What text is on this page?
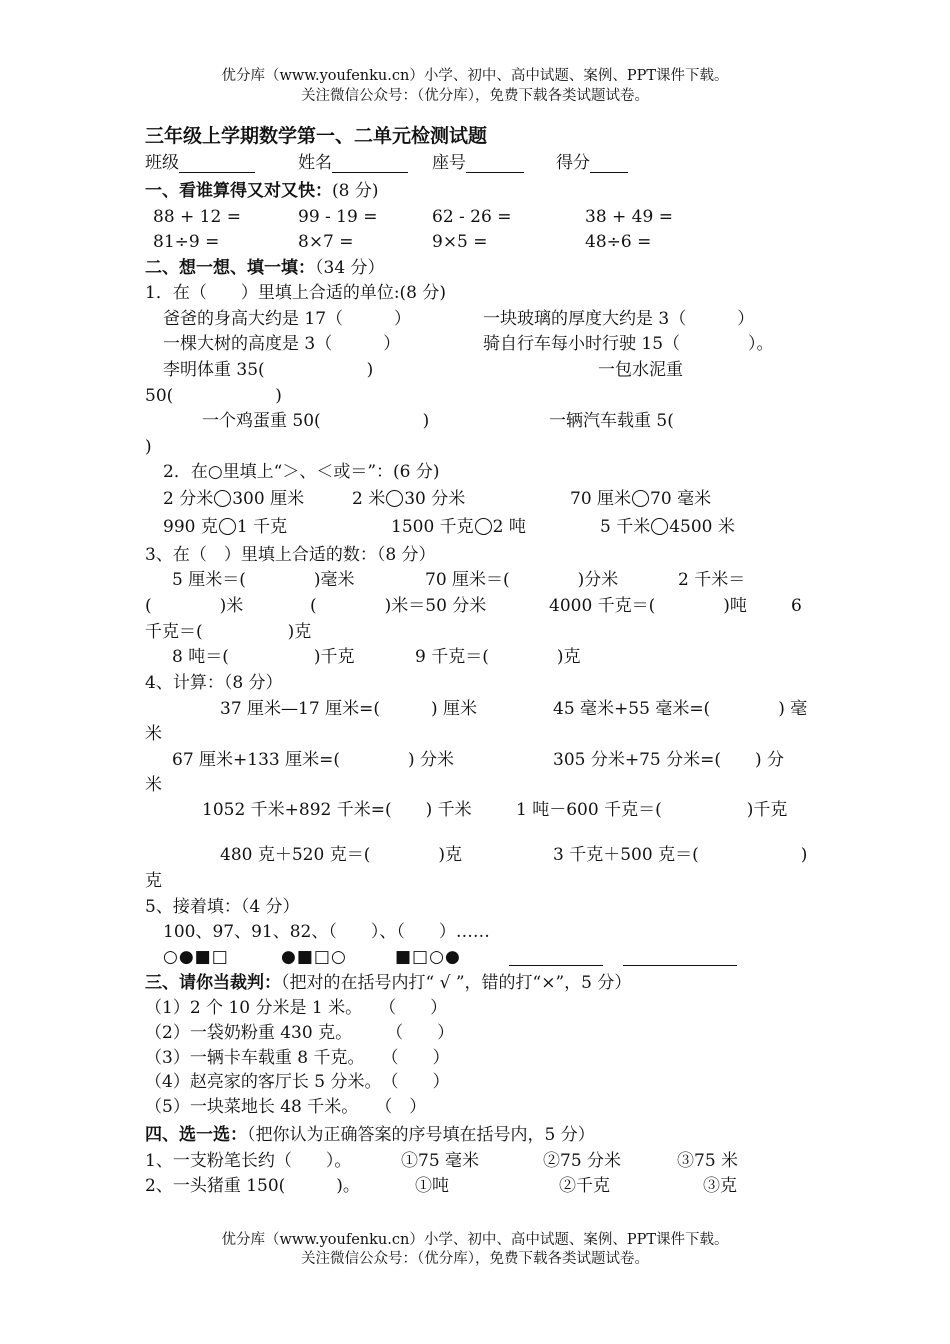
优分库（www.youfenku.cn）小学、初中、高中试题、案例、PPT课件下载。
关注微信公众号：（优分库），免费下载各类试题试卷。
三年级上学期数学第一、二单元检测试题
班级	姓名	座号	得分
一、看谁算得又对又快：(8 分)
88 + 12 =	99 - 19 =	62 - 26 =	38 + 49 =
81÷9 =	8×7 =	9×5 =	48÷6 =
二、想一想、填一填：（34 分）
1．在（　　）里填上合适的单位:(8 分)
爸爸的身高大约是 17（　　　）	一块玻璃的厚度大约是 3（　　　）
一棵大树的高度是 3（　　　）	骑自行车每小时行驶 15（　　　　）。
李明体重 35(　　　　　　)	一包水泥重
50(　　　　　　)
一个鸡蛋重 50(　　　　　　)	一辆汽车载重 5(
)
2．在○里填上“＞、＜或＝”：(6 分)
2 分米 300 厘米	2 米 30 分米	70 厘米 70 毫米
990 克 1 千克	1500 千克 2 吨	5 千米 4500 米
3、在（　）里填上合适的数：（8 分）
5 厘米＝(　　　　)毫米	70 厘米＝(　　　　)分米	2 千米＝
(　　　　)米	(　　　　)米＝50 分米	4000 千克＝(　　　　)吨	6
千克＝(　　　　　)克
8 吨＝(　　　　　)千克	9 千克＝(　　　　)克
4、计算：（8 分）
37 厘米—17 厘米=(　　　) 厘米	45 毫米+55 毫米=(　　　　) 毫
米
67 厘米+133 厘米=(　　　　) 分米	305 分米+75 分米=(　　) 分
米
1052 千米+892 千米=(　　) 千米	1 吨－600 千克＝(　　　　　)千克
480 克＋520 克＝(　　　　)克	3 千克＋500 克＝(　　　　　　)
克
5、接着填：（4 分）
100、97、91、82、（　　）、（　　）……
○●■□	●■□○	■□○●
三、请你当裁判：（把对的在括号内打“ √ ”，错的打“×”，5 分）
（1）2 个 10 分米是 1 米。　　（　　）
（2）一袋奶粉重 430 克。　　　（　　）
（3）一辆卡车载重 8 千克。　　（　　）
（4）赵亮家的客厅长 5 分米。　（　　）
（5）一块菜地长 48 千米。　　（　）
四、选一选：（把你认为正确答案的序号填在括号内，5 分）
1、一支粉笔长约（　　）。	①75 毫米	②75 分米	③75 米
2、一头猪重 150(　　　)。	①吨	②千克	③克
优分库（www.youfenku.cn）小学、初中、高中试题、案例、PPT课件下载。
关注微信公众号：（优分库），免费下载各类试题试卷。
